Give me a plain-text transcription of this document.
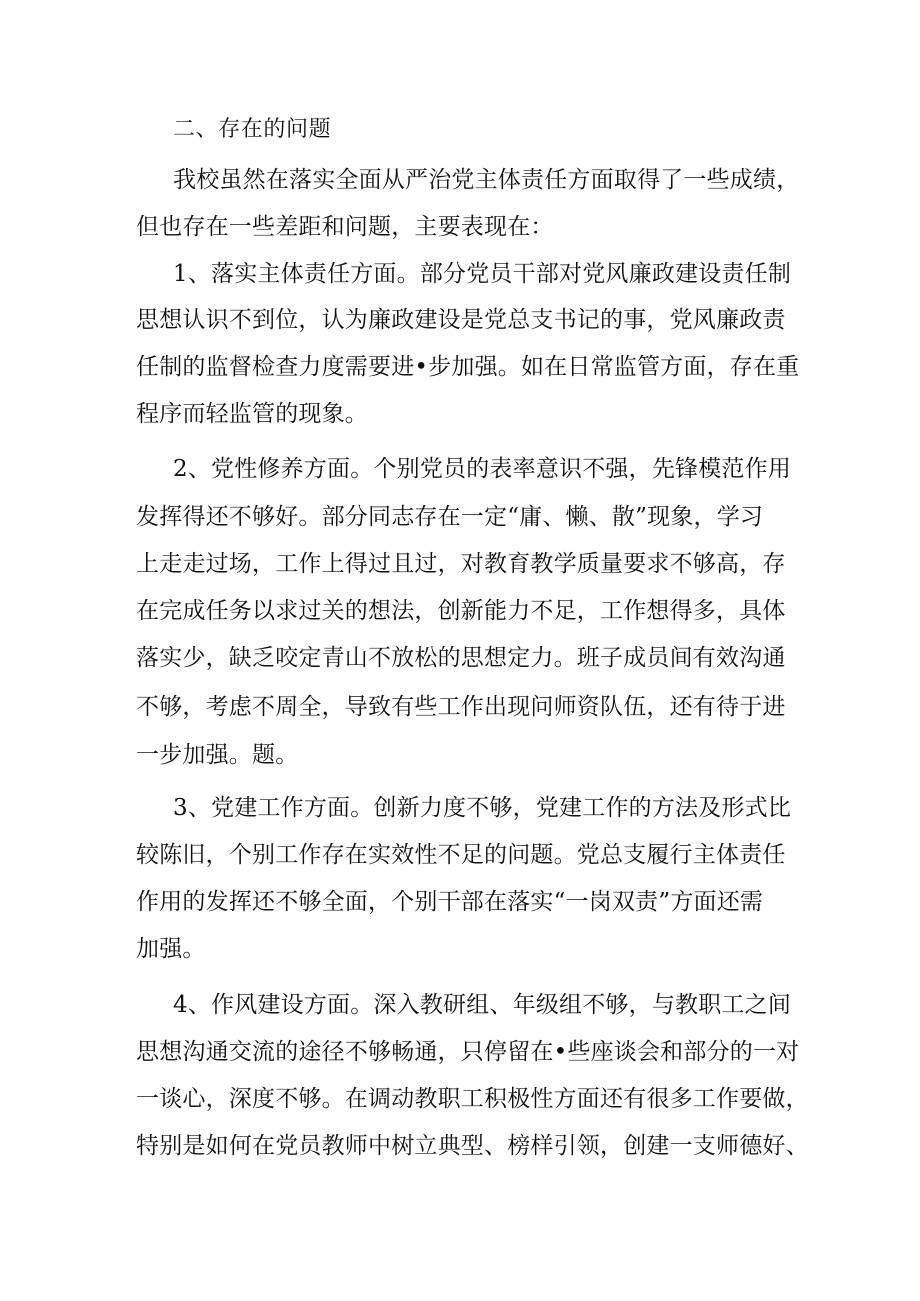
二、存在的问题
我校虽然在落实全面从严治党主体责任方面取得了一些成绩，
但也存在一些差距和问题，主要表现在：
1、落实主体责任方面。部分党员干部对党风廉政建设责任制
思想认识不到位，认为廉政建设是党总支书记的事，党风廉政责
任制的监督检查力度需要进•步加强。如在日常监管方面，存在重
程序而轻监管的现象。
2、党性修养方面。个别党员的表率意识不强，先锋模范作用
发挥得还不够好。部分同志存在一定“庸、懒、散”现象，学习
上走走过场，工作上得过且过，对教育教学质量要求不够高，存
在完成任务以求过关的想法，创新能力不足，工作想得多，具体
落实少，缺乏咬定青山不放松的思想定力。班子成员间有效沟通
不够，考虑不周全，导致有些工作出现问师资队伍，还有待于进
一步加强。题。
3、党建工作方面。创新力度不够，党建工作的方法及形式比
较陈旧，个别工作存在实效性不足的问题。党总支履行主体责任
作用的发挥还不够全面，个别干部在落实“一岗双责”方面还需
加强。
4、作风建设方面。深入教研组、年级组不够，与教职工之间
思想沟通交流的途径不够畅通，只停留在•些座谈会和部分的一对
一谈心，深度不够。在调动教职工积极性方面还有很多工作要做，
特别是如何在党员教师中树立典型、榜样引领，创建一支师德好、
